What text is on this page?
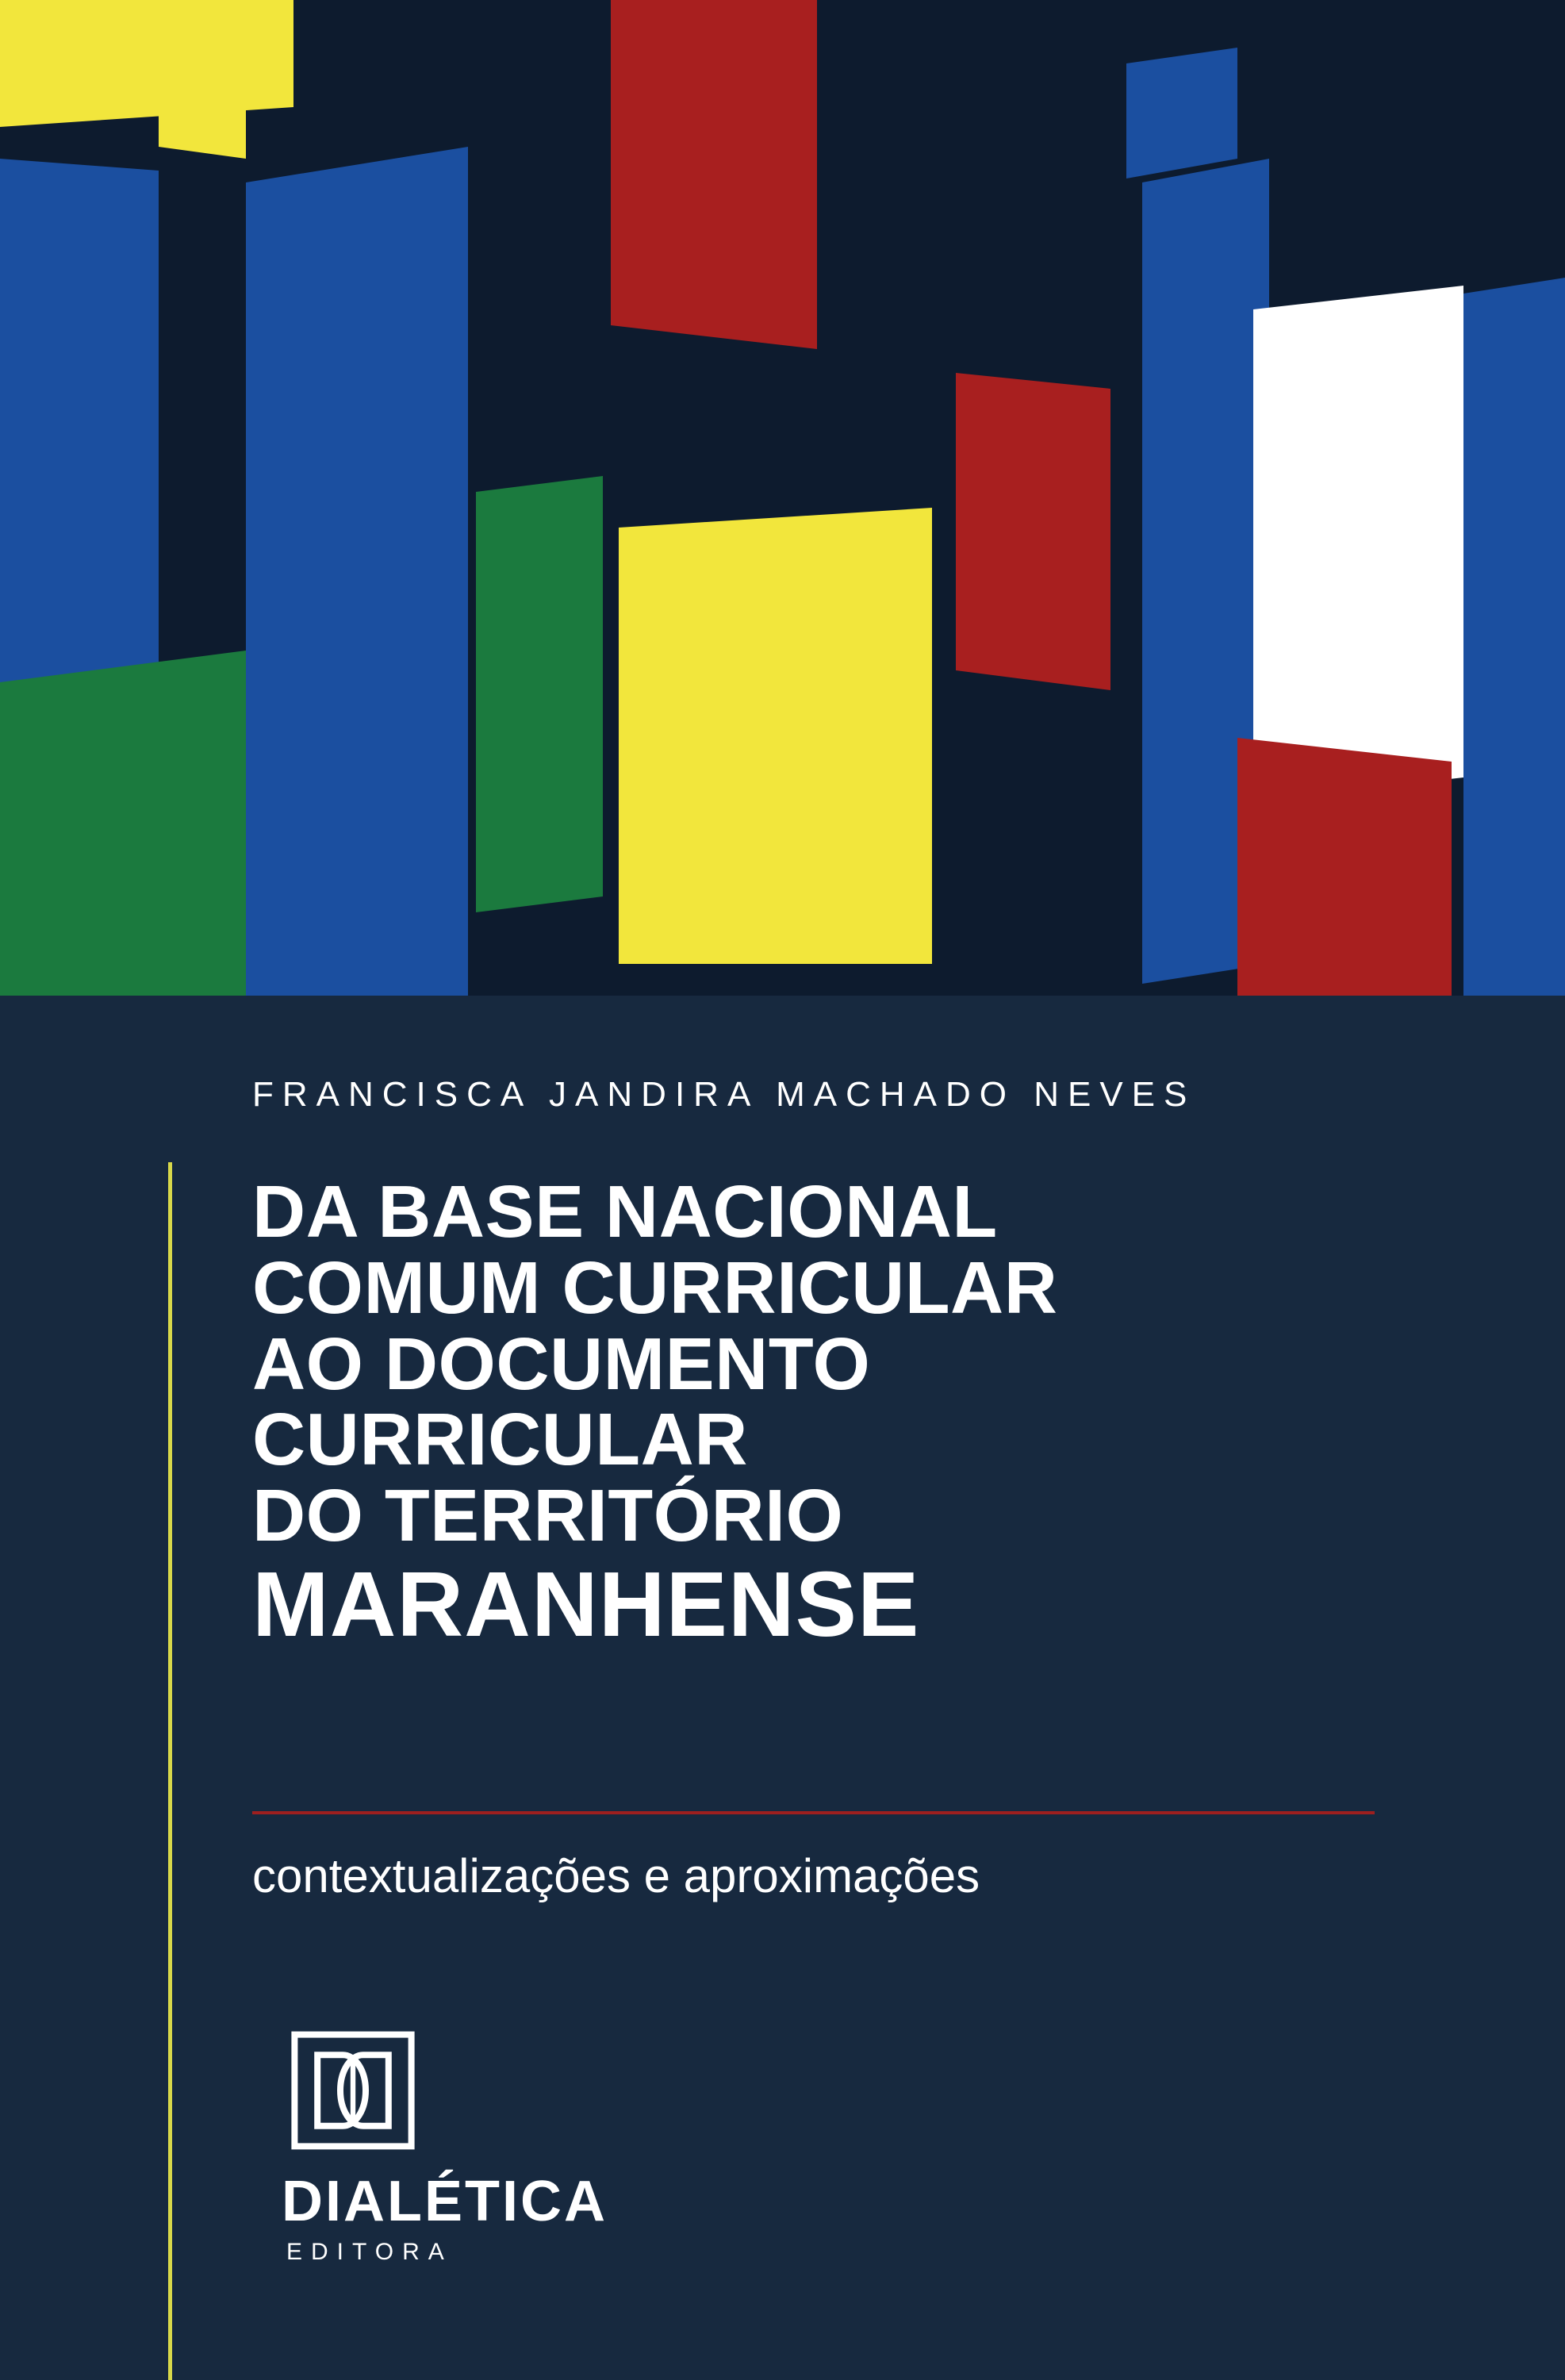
FRANCISCA JANDIRA MACHADO NEVES
DA BASE NACIONAL
COMUM CURRICULAR
AO DOCUMENTO
CURRICULAR
DO TERRITÓRIO
MARANHENSE
contextualizações e aproximações
DIALÉTICA
EDITORA
